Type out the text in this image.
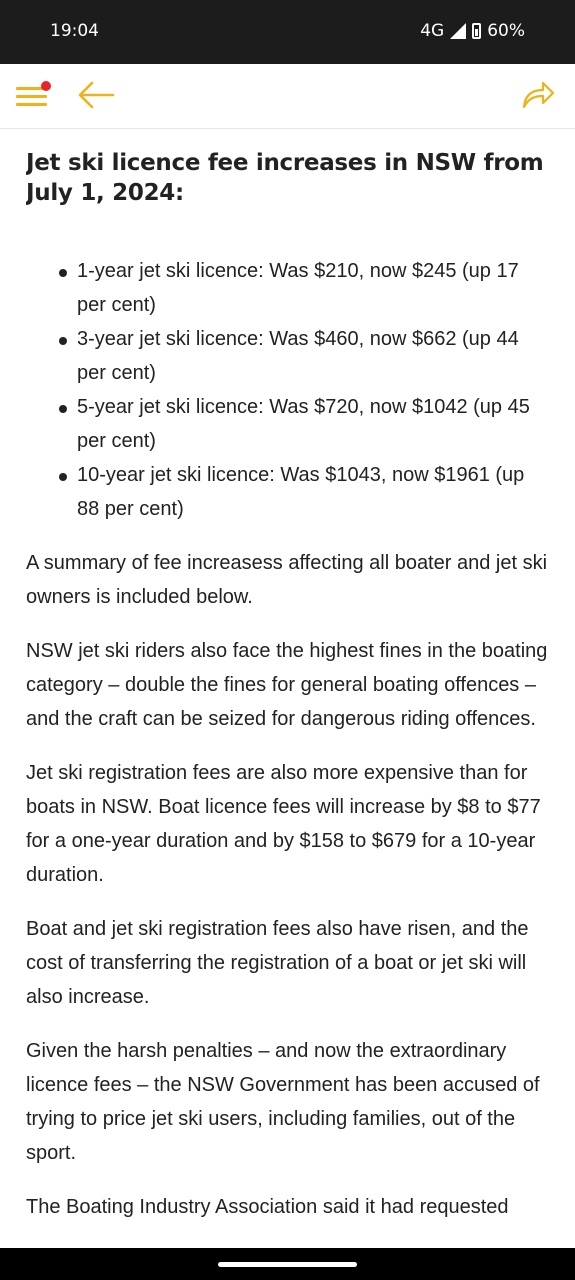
19:04	4G	60%
Jet ski licence fee increases in NSW from July 1, 2024:
1-year jet ski licence: Was $210, now $245 (up 17 per cent)
3-year jet ski licence: Was $460, now $662 (up 44 per cent)
5-year jet ski licence: Was $720, now $1042 (up 45 per cent)
10-year jet ski licence: Was $1043, now $1961 (up 88 per cent)

A summary of fee increasess affecting all boater and jet ski owners is included below.

NSW jet ski riders also face the highest fines in the boating category – double the fines for general boating offences – and the craft can be seized for dangerous riding offences.

Jet ski registration fees are also more expensive than for boats in NSW. Boat licence fees will increase by $8 to $77 for a one-year duration and by $158 to $679 for a 10-year duration.

Boat and jet ski registration fees also have risen, and the cost of transferring the registration of a boat or jet ski will also increase.

Given the harsh penalties – and now the extraordinary licence fees – the NSW Government has been accused of trying to price jet ski users, including families, out of the sport.

The Boating Industry Association said it had requested
